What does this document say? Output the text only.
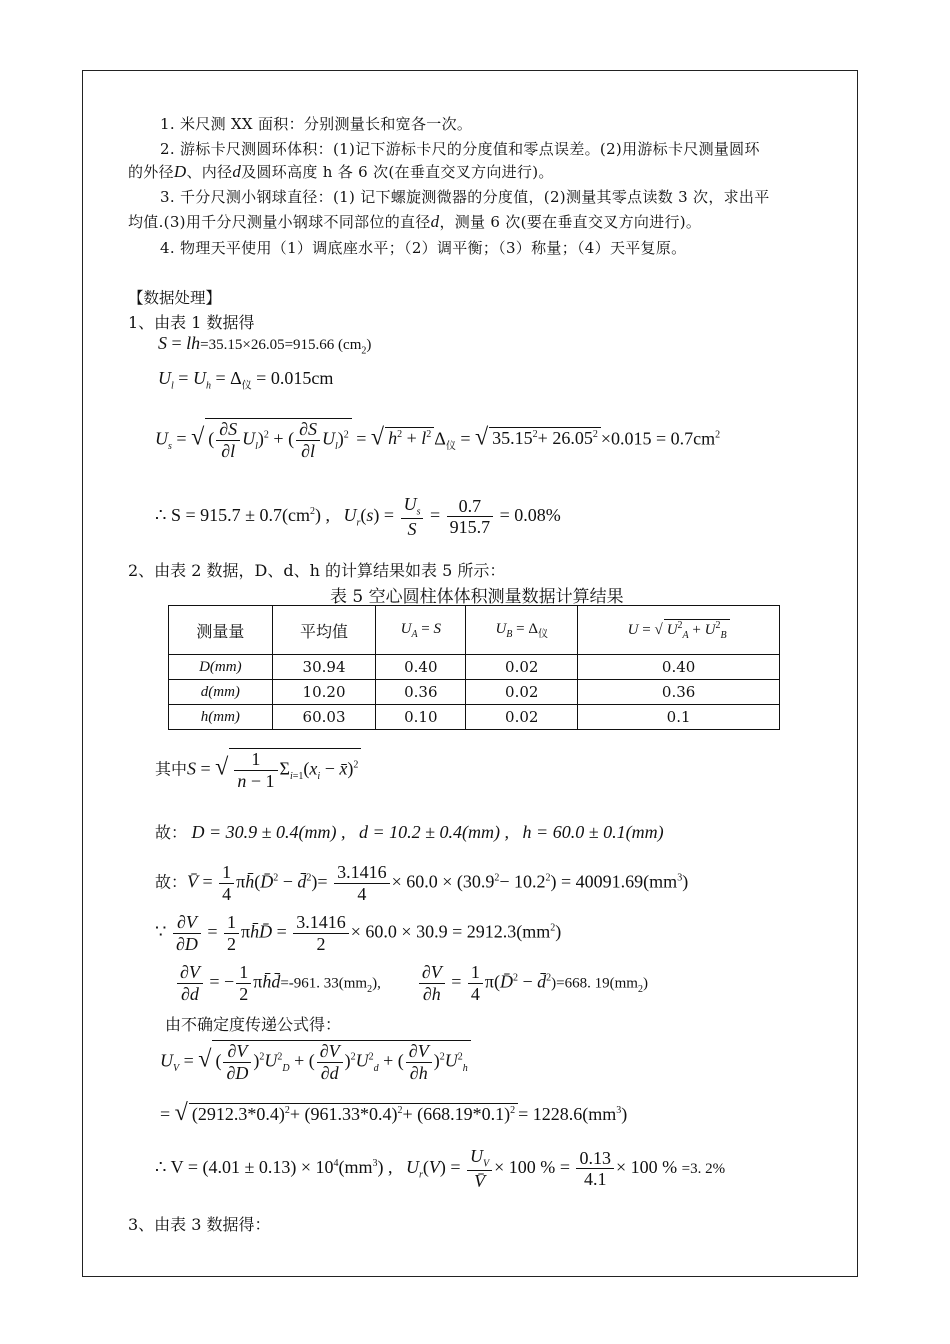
1. 米尺测 XX 面积：分别测量长和宽各一次。
2. 游标卡尺测圆环体积：(1)记下游标卡尺的分度值和零点误差。(2)用游标卡尺测量圆环
的外径D、内径d及圆环高度 h 各 6 次(在垂直交叉方向进行)。
3. 千分尺测小钢球直径：(1) 记下螺旋测微器的分度值，(2)测量其零点读数 3 次，求出平
均值.(3)用千分尺测量小钢球不同部位的直径d，测量 6 次(要在垂直交叉方向进行)。
4. 物理天平使用（1）调底座水平；（2）调平衡；（3）称量；（4）天平复原。
【数据处理】
1、由表 1 数据得
S = lh=35.15×26.05=915.66 $(cm_2)$
$U_l = U_h = \Delta_仪 = 0.015cm$
$U_s$ = √ ( $\frac{\partial S}{\partial l} U_l)^2$ + ( $\frac{\partial S}{\partial l} U_l)^2$ = √ $h^2 + l^2$ $\Delta_仪$ = √ $35.15^2+ 26.05^2 \times 0.015 = 0.7cm^2$
∴ $S = 915.7 \pm 0.7(cm^2)$ , $U_r(s) = \frac{U_s}{S} = \frac{0.7}{915.7} = 0.08\%$
2、由表 2 数据，D、d、h 的计算结果如表 5 所示：
表 5 空心圆柱体体积测量数据计算结果
测量量	平均值	$U_A = S$	$U_B = \Delta_仪$	U = √ $U^2_A + U^2_B$
D(mm)	30.94	0.40	0.02	0.40
d(mm)	10.20	0.36	0.02	0.36
h(mm)	60.03	0.10	0.02	0.1
其中S = √ $\frac{1}{n - 1} \Sigma_{i=1}(x_i$ − x̄)$^2$
故： D = 30.9 ± 0.4(mm) , d = 10.2 ± 0.4(mm) , h = 60.0 ± 0.1(mm)
故：V̄ = $\frac{1}{4}$ πh̄(D̄$^2$ − d̄$^2$)= $\frac{3.1416}{4} \times 60.0 \times (30.9^2- 10.2^2) = 40091.69(mm^3)$
∵ $\frac{\partial V}{\partial D} = \frac{1}{2}$ πh̄D̄ = $\frac{3.1416}{2} \times 60.0 \times 30.9 = 2912.3(mm^2)$
$\frac{\partial V}{\partial d}$ = − $\frac{1}{2}$ πh̄d̄=-961. $33(mm_2)$, $\frac{\partial V}{\partial h} = \frac{1}{4}$ π(D̄$^2$ − d̄$^2$)=668. $19(mm_2)$
由不确定度传递公式得：
$U_V$ = √ ( $\frac{\partial V}{\partial D} )^2U^2_D$ + ( $\frac{\partial V}{\partial d} )^2U^2_d$ + ( $\frac{\partial V}{\partial h} )^2U^2_h$
= √ $(2912.3*0.4)^2+ (961.33*0.4)^2+ (668.19*0.1)^2 = 1228.6(mm^3)$
∴ $V = (4.01 \pm 0.13) \times 10^4(mm^3)$ ,   $U_r(V) = \frac{U_V}{V̄} \times 100$ % = $\frac{0.13}{4.1} \times 100$ % =3. 2%
3、由表 3 数据得：
